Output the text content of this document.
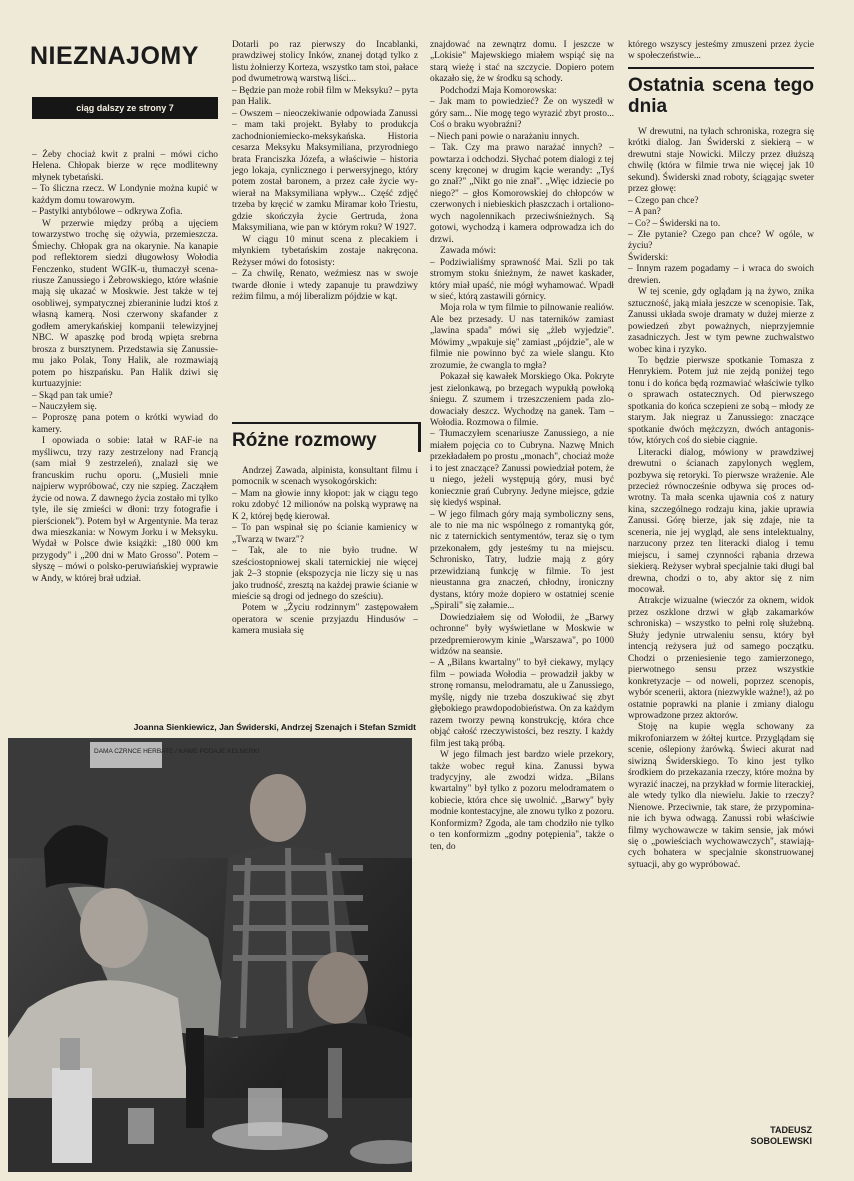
NIEZNAJOMY
ciąg dalszy ze strony 7

– Żeby chociaż kwit z pralni – mówi cicho Helena. Chłopak bierze w ręce modlitewny młynek tybetański.

– To śliczna rzecz. W Londynie można kupić w każdym domu towarowym.

– Pastylki antybólowe – odkrywa Zofia.

W przerwie między próbą a ujęciem towarzystwo trochę się ożywia, przemieszcza. Śmiechy. Chłopak gra na okarynie. Na kanapie pod reflektorem siedzi długowłosy Wołodia Fenczenko, student WGIK-u, tłumaczył scenariusze Zanussiego i Żebrowskiego, które właśnie mają się ukazać w Moskwie. Jest także w tej osobliwej, sympatycznej zbieraninie ludzi ktoś z własną kamerą. Nosi czerwony skafander z godłem amerykańskiej kompanii telewizyjnej NBC. W apaszkę pod brodą wpięta srebrna brosza z bursztynem. Przedstawia się Zanussiemu jako Polak, Tony Halik, ale rozmawiają potem po hiszpańsku. Pan Halik dziwi się kurtuazyjnie:

– Skąd pan tak umie?

– Nauczyłem się.

– Poproszę pana potem o krótki wywiad do kamery.

I opowiada o sobie: latał w RAF-ie na myśliwcu, trzy razy zestrzelony nad Francją (sam miał 9 zestrzeleń), znalazł się we francuskim ruchu oporu. („Musieli mnie najpierw wypróbować, czy nie szpieg. Zacząłem życie od nowa. Z dawnego życia zostało mi tylko tyle, ile się zmieści w dłoni: trzy fotografie i pierścionek"). Potem był w Argentynie. Ma teraz dwa mieszkania: w Nowym Jorku i w Meksyku. Wydał w Polsce dwie książki: „180 000 km przygody" i „200 dni w Mato Grosso". Potem – słyszę – mówi o polsko-peruwiańskiej wyprawie w Andy, w której brał udział.

Dotarli po raz pierwszy do Incablanki, prawdziwej stolicy Inków, znanej dotąd tylko z listu żołnierzy Korteza, wszystko tam stoi, pałace pod dwumetrową warstwą liści...

– Będzie pan może robił film w Meksyku? – pyta pan Halik.

– Owszem – nieoczekiwanie odpowiada Zanussi – mam taki projekt. Byłaby to produkcja zachodnioniemiecko-meksykańska. Historia cesarza Meksyku Maksymiliana, przyrodniego brata Franciszka Józefa, a właściwie – historia jego lokaja, cynlicznego i perwersyjnego, który potem został baronem, a przez całe życie wywierał na Maksymiliana wpływ... Część zdjęć trzeba by kręcić w zamku Miramar koło Triestu, gdzie skończyła życie Gertruda, żona Maksymiliana, wie pan w którym roku? W 1927.

W ciągu 10 minut scena z plecakiem i młynkiem tybetańskim zostaje nakręcona. Reżyser mówi do fotosisty:

– Za chwilę, Renato, weźmiesz nas w swoje twarde dłonie i wtedy zapanuje tu prawdziwy reżim filmu, a mój liberalizm pójdzie w kąt.

Różne rozmowy

Andrzej Zawada, alpinista, konsultant filmu i pomocnik w scenach wysokogórskich:

– Mam na głowie inny kłopot: jak w ciągu tego roku zdobyć 12 milionów na polską wyprawę na K 2, której będę kierował.

– To pan wspinał się po ścianie kamienicy w „Twarzą w twarz"?

– Tak, ale to nie było trudne. W sześciostopniowej skali taternickiej nie więcej jak 2–3 stopnie (ekspozycja nie liczy się u nas jako trudność, zresztą na każdej prawie ścianie w mieście są drogi od jednego do sześciu).

Potem w „Życiu rodzinnym" zastępowałem operatora w scenie przyjazdu Hindusów – kamera musiała się

znajdować na zewnątrz domu. I jeszcze w „Lokisie" Majewskiego miałem wspiąć się na starą wieżę i stać na szczycie. Dopiero potem okazało się, że w środku są schody.

Podchodzi Maja Komorowska:

– Jak mam to powiedzieć? Że on wyszedł w góry sam... Nie mogę tego wyrazić zbyt prosto... Coś o braku wyobraźni?

– Niech pani powie o narażaniu innych.

– Tak. Czy ma prawo narażać innych? – powtarza i odchodzi. Słychać potem dialogi z tej sceny kręconej w drugim kącie werandy: „Tyś go znał?" „Nikt go nie znał". „Więc idziecie po niego?" – głos Komorowskiej do chłopców w czerwonych i niebieskich płaszczach i ortalionowych nagolennikach przeciwśnieżnych. Są gotowi, wychodzą i kamera odprowadza ich do drzwi.

Zawada mówi:

– Podziwialiśmy sprawność Mai. Szli po tak stromym stoku śnieżnym, że nawet kaskader, który miał upaść, nie mógł wyhamować. Wpadł w sieć, którą zastawili górnicy.

Moja rola w tym filmie to pilnowanie realiów. Ale bez przesady. U nas taterników zamiast „lawina spada" mówi się „żleb wyjedzie". Mówimy „wpakuje się" zamiast „pójdzie", ale w filmie nie powinno być za wiele slangu. Kto zrozumie, że cwangla to mgła?

Pokazał się kawałek Morskiego Oka. Pokryte jest zielonkawą, po brzegach wypukłą powłoką śniegu. Z szumem i trzeszczeniem pada zlodowaciały deszcz. Wychodzę na ganek. Tam – Wołodia. Rozmowa o filmie.

– Tłumaczyłem scenariusze Zanussiego, a nie miałem pojęcia co to Cubryna. Nazwę Mnich przekładałem po prostu „monach", chociaż może i to jest znaczące? Zanussi powiedział potem, że u niego, jeżeli występują góry, musi być koniecznie grań Cubryny. Jedyne miejsce, gdzie się kiedyś wspinał.

– W jego filmach góry mają symboliczny sens, ale to nie ma nic wspólnego z romantyką gór, nic z taternickich sentymentów, teraz się o tym przekonałem, gdy jesteśmy tu na miejscu. Schronisko, Tatry, ludzie mają z góry przewidzianą funkcję w filmie. To jest nieustanna gra znaczeń, chłodny, ironiczny dystans, który może dopiero w ostatniej scenie „Spirali" się załamie...

Dowiedziałem się od Wołodii, że „Barwy ochronne" były wyświetlane w Moskwie w przedpremierowym kinie „Warszawa", po 1000 widzów na seansie.

– A „Bilans kwartalny" to był ciekawy, mylący film – powiada Wołodia – prowadził jakby w stronę romansu, melodramatu, ale u Zanussiego, myślę, nigdy nie trzeba doszukiwać się zbyt głębokiego prawdopodobieństwa. On za każdym razem tworzy pewną konstrukcję, która chce objąć całość rzeczywistości, bez reszty. I każdy film jest taką próbą.

W jego filmach jest bardzo wiele przekory, także wobec reguł kina. Zanussi bywa tradycyjny, ale zwodzi widza. „Bilans kwartalny" był tylko z pozoru melodramatem o kobiecie, która chce się uwolnić. „Barwy" były modnie kontestacyjne, ale znowu tylko z pozoru. Konformizm? Zgoda, ale tam chodziło nie tylko o ten konformizm „godny potępienia", także o ten, do

którego wszyscy jesteśmy zmuszeni przez życie w społeczeństwie...

Ostatnia scena tego dnia

W drewutni, na tyłach schroniska, rozegra się krótki dialog. Jan Świderski z siekierą – w drewutni staje Nowicki. Milczy przez dłuższą chwilę (która w filmie trwa nie więcej jak 10 sekund). Świderski znad roboty, ściągając sweter przez głowę:

– Czego pan chce?

– A pan?

– Co? – Świderski na to.

– Złe pytanie? Czego pan chce? W ogóle, w życiu?

Świderski:

– Innym razem pogadamy – i wraca do swoich drewien.

W tej scenie, gdy oglądam ją na żywo, znika sztuczność, jaką miała jeszcze w scenopisie. Tak, Zanussi układa swoje dramaty w dużej mierze z powiedzeń zbyt poważnych, nieprzyjemnie zasadniczych. Jest w tym pewne zuchwalstwo wobec kina i ryzyko.

To będzie pierwsze spotkanie Tomasza z Henrykiem. Potem już nie zejdą poniżej tego tonu i do końca będą rozmawiać właściwie tylko o sprawach ostatecznych. Od pierwszego spotkania do końca sczepieni ze sobą – młody ze starym. Jak niegraz u Zanussiego: znaczące spotkanie dwóch mężczyzn, dwóch antagonistów, których coś do siebie ciągnie.

Literacki dialog, mówiony w prawdziwej drewutni o ścianach zapylonych węglem, pozbywa się retoryki. To pierwsze wrażenie. Ale przecież równocześnie odbywa się proces odwrotny. Ta mała scenka ujawnia coś z natury kina, szczególnego rodzaju kina, jakie uprawia Zanussi. Górę bierze, jak się zdaje, nie ta sceneria, nie jej wygląd, ale sens intelektualny, narzucony przez ten literacki dialog i temu miejscu, i samej czynności rąbania drzewa siekierą. Reżyser wybrał specjalnie taki długi bal drewna, chodzi o to, aby aktor się z nim mocował.

Atrakcje wizualne (wieczór za oknem, widok przez oszklone drzwi w głąb zakamarków schroniska) – wszystko to pełni rolę służebną. Służy jedynie utrwaleniu sensu, który był intencją reżysera już od samego początku. Chodzi o przeniesienie tego zamierzonego, pierwotnego sensu przez wszystkie konkretyzacje – od noweli, poprzez scenopis, wybór scenerii, aktora (niezwykle ważne!), aż po ostatnie poprawki na planie i zmiany dialogu wprowadzone przez aktorów.

Stoję na kupie węgla schowany za mikrofoniarzem w żółtej kurtce. Przyglądam się scenie, oślepiony żarówką. Świeci akurat nad siwizną Świderskiego. To kino jest tylko środkiem do przekazania rzeczy, które można by wyrazić inaczej, na przykład w formie literackiej, ale wtedy tylko dla niewielu. Jakie to rzeczy? Nienowe. Przeciwnie, tak stare, że przypominanie ich bywa odwagą. Zanussi robi właściwie filmy wychowawcze w takim sensie, jak mówi się o „powieściach wychowawczych", stawiających bohatera w specjalnie skonstruowanej sytuacji, aby go wypróbować.

Joanna Sienkiewicz, Jan Świderski, Andrzej Szenajch i Stefan Szmidt
DAMA CZRNCE HERBATE / KAWE PODAJE KELNERKI
TADEUSZ
SOBOLEWSKI
